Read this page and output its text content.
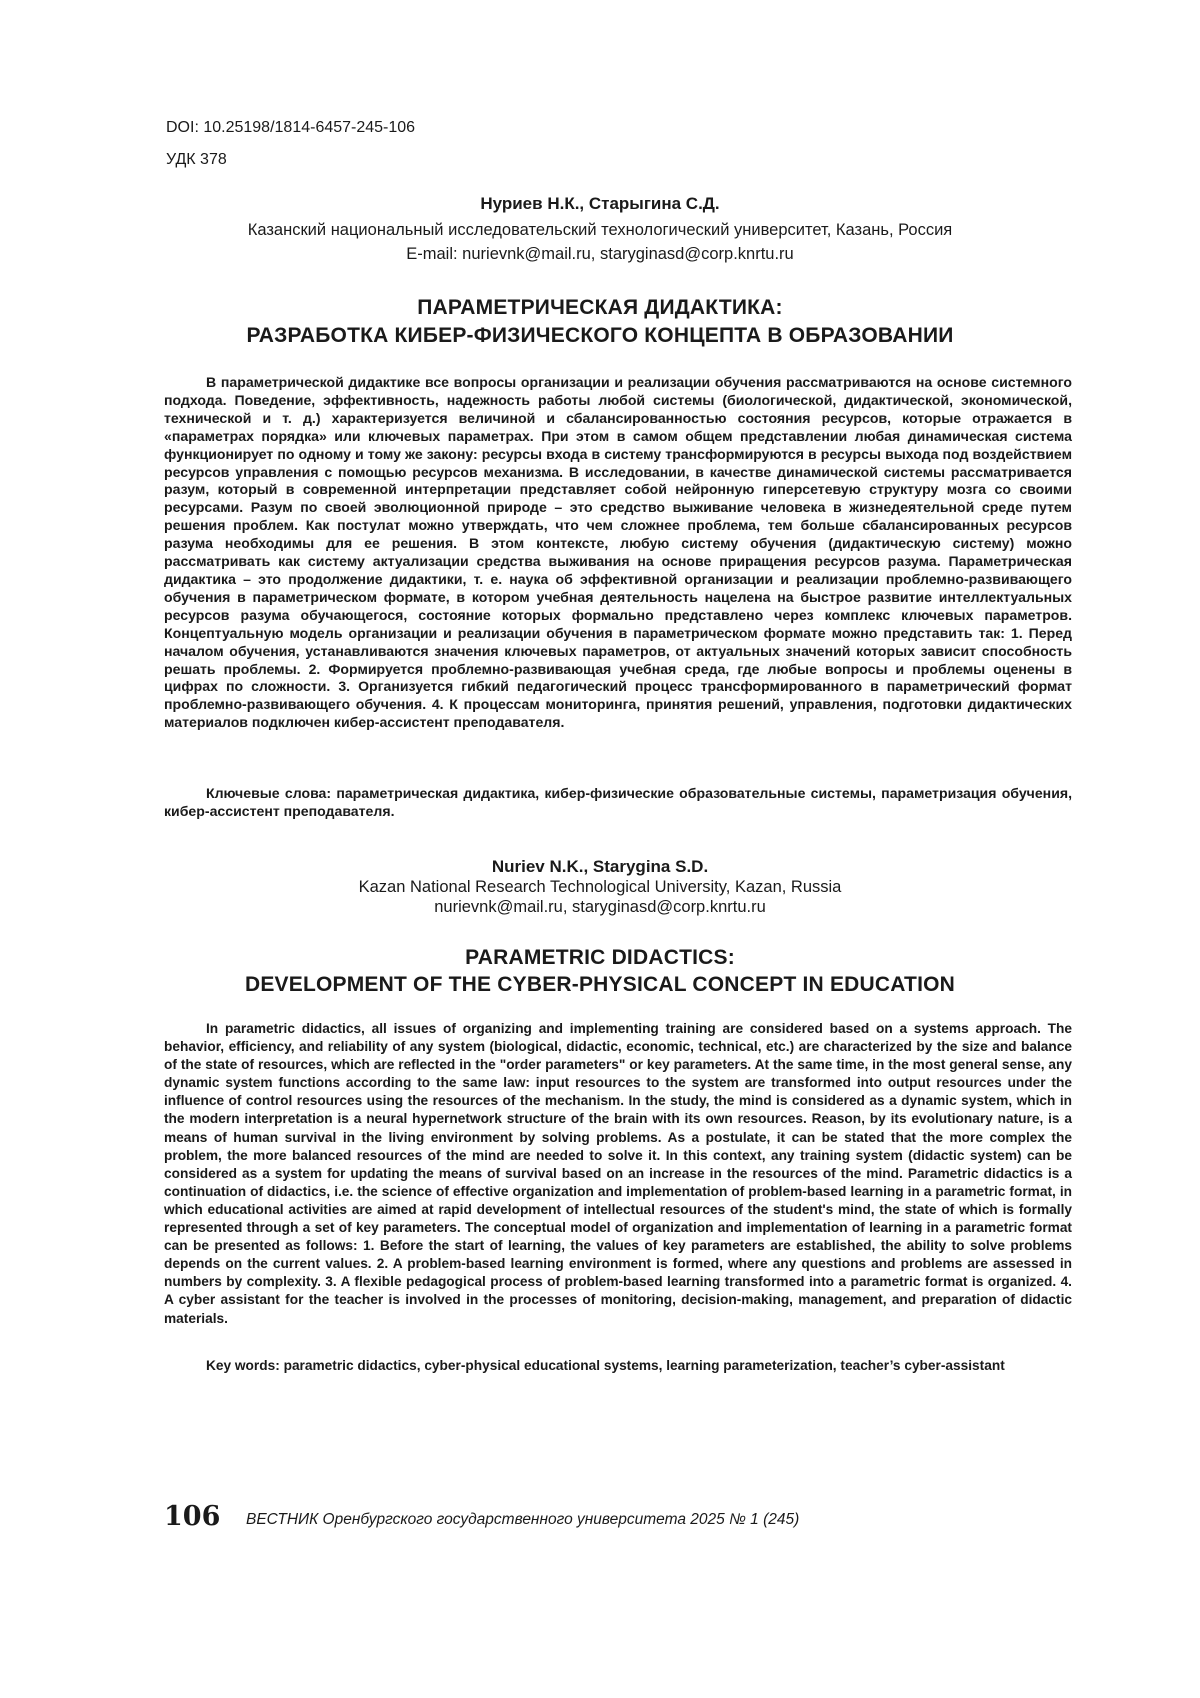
DOI: 10.25198/1814-6457-245-106
УДК 378
Нуриев Н.К., Старыгина С.Д.
Казанский национальный исследовательский технологический университет, Казань, Россия
E-mail: nurievnk@mail.ru, staryginasd@corp.knrtu.ru
ПАРАМЕТРИЧЕСКАЯ ДИДАКТИКА:
РАЗРАБОТКА КИБЕР-ФИЗИЧЕСКОГО КОНЦЕПТА В ОБРАЗОВАНИИ

В параметрической дидактике все вопросы организации и реализации обучения рассматриваются на основе системного подхода. Поведение, эффективность, надежность работы любой системы (биологической, дидактической, экономической, технической и т. д.) характеризуется величиной и сбалансированностью состояния ресурсов, которые отражается в «параметрах порядка» или ключевых параметрах. При этом в самом общем представлении любая динамическая система функционирует по одному и тому же закону: ресурсы входа в систему трансформируются в ресурсы выхода под воздействием ресурсов управления с помощью ресурсов механизма. В исследовании, в качестве динамической системы рассматривается разум, который в современной интерпретации представляет собой нейронную гиперсетевую структуру мозга со своими ресурсами. Разум по своей эволюционной природе – это средство выживание человека в жизнедеятельной среде путем решения проблем. Как постулат можно утверждать, что чем сложнее проблема, тем больше сбалансированных ресурсов разума необходимы для ее решения. В этом контексте, любую систему обучения (дидактическую систему) можно рассматривать как систему актуализации средства выживания на основе приращения ресурсов разума. Параметрическая дидактика – это продолжение дидактики, т. е. наука об эффективной организации и реализации проблемно-развивающего обучения в параметрическом формате, в котором учебная деятельность нацелена на быстрое развитие интеллектуальных ресурсов разума обучающегося, состояние которых формально представлено через комплекс ключевых параметров. Концептуальную модель организации и реализации обучения в параметрическом формате можно представить так: 1. Перед началом обучения, устанавливаются значения ключевых параметров, от актуальных значений которых зависит способность решать проблемы. 2. Формируется проблемно-развивающая учебная среда, где любые вопросы и проблемы оценены в цифрах по сложности. 3. Организуется гибкий педагогический процесс трансформированного в параметрический формат проблемно-развивающего обучения. 4. К процессам мониторинга, принятия решений, управления, подготовки дидактических материалов подключен кибер-ассистент преподавателя.

Ключевые слова: параметрическая дидактика, кибер-физические образовательные системы, параметризация обучения, кибер-ассистент преподавателя.

Nuriev N.K., Starygina S.D.
Kazan National Research Technological University, Kazan, Russia
nurievnk@mail.ru, staryginasd@corp.knrtu.ru
PARAMETRIC DIDACTICS:
DEVELOPMENT OF THE CYBER-PHYSICAL CONCEPT IN EDUCATION

In parametric didactics, all issues of organizing and implementing training are considered based on a systems approach. The behavior, efficiency, and reliability of any system (biological, didactic, economic, technical, etc.) are characterized by the size and balance of the state of resources, which are reflected in the "order parameters" or key parameters. At the same time, in the most general sense, any dynamic system functions according to the same law: input resources to the system are transformed into output resources under the influence of control resources using the resources of the mechanism. In the study, the mind is considered as a dynamic system, which in the modern interpretation is a neural hypernetwork structure of the brain with its own resources. Reason, by its evolutionary nature, is a means of human survival in the living environment by solving problems. As a postulate, it can be stated that the more complex the problem, the more balanced resources of the mind are needed to solve it. In this context, any training system (didactic system) can be considered as a system for updating the means of survival based on an increase in the resources of the mind. Parametric didactics is a continuation of didactics, i.e. the science of effective organization and implementation of problem-based learning in a parametric format, in which educational activities are aimed at rapid development of intellectual resources of the student's mind, the state of which is formally represented through a set of key parameters. The conceptual model of organization and implementation of learning in a parametric format can be presented as follows: 1. Before the start of learning, the values of key parameters are established, the ability to solve problems depends on the current values. 2. A problem-based learning environment is formed, where any questions and problems are assessed in numbers by complexity. 3. A flexible pedagogical process of problem-based learning transformed into a parametric format is organized. 4. A cyber assistant for the teacher is involved in the processes of monitoring, decision-making, management, and preparation of didactic materials.

Key words: parametric didactics, cyber-physical educational systems, learning parameterization, teacher’s cyber-assistant

106 ВЕСТНИК Оренбургского государственного университета 2025 № 1 (245)
